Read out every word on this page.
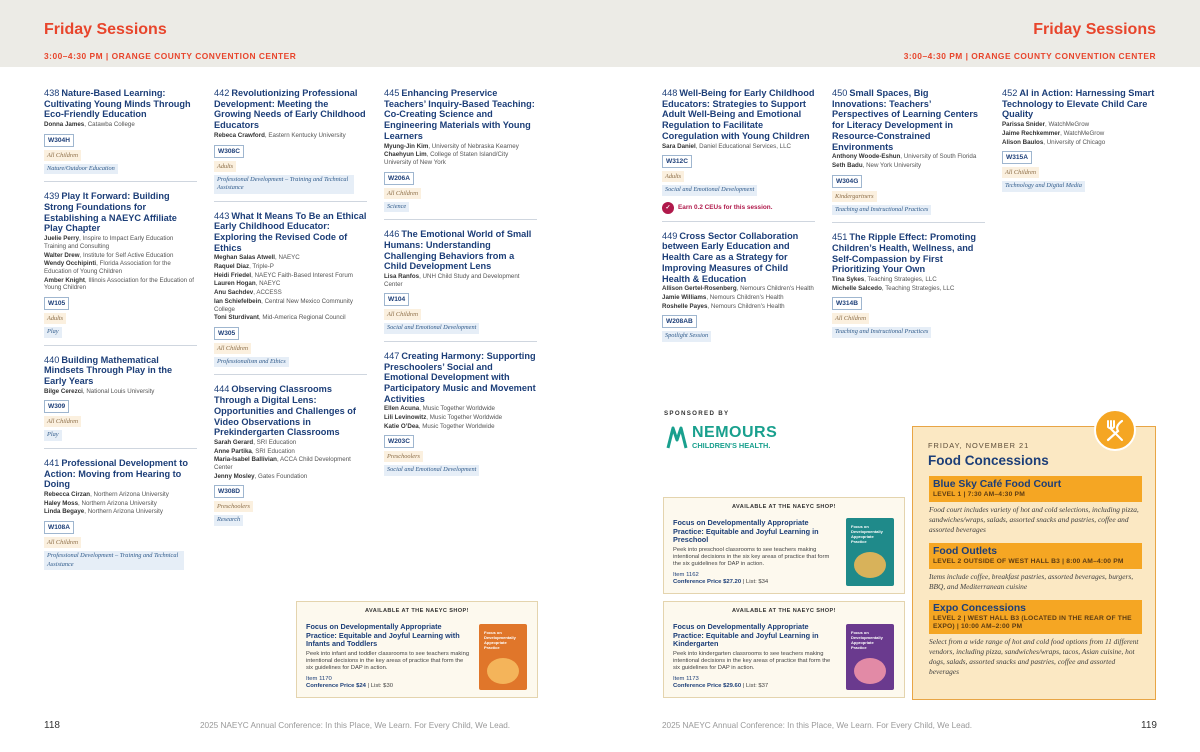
Friday Sessions
3:00–4:30 PM | ORANGE COUNTY CONVENTION CENTER
Friday Sessions
3:00–4:30 PM | ORANGE COUNTY CONVENTION CENTER
438 Nature-Based Learning: Cultivating Young Minds Through Eco-Friendly Education
Donna James, Catawba College
W304H
All Children
Nature/Outdoor Education
439 Play It Forward: Building Strong Foundations for Establishing a NAEYC Affiliate Play Chapter
Juelie Perry, Inspire to Impact Early Education Training and Consulting
Walter Drew, Institute for Self Active Education
Wendy Occhipinti, Florida Association for the Education of Young Children
Amber Knight, Illinois Association for the Education of Young Children
W105
Adults
Play
440 Building Mathematical Mindsets Through Play in the Early Years
Bilge Cerezci, National Louis University
W309
All Children
Play
441 Professional Development to Action: Moving from Hearing to Doing
Rebecca Cirzan, Northern Arizona University
Haley Moss, Northern Arizona University
Linda Begaye, Northern Arizona University
W108A
All Children
Professional Development – Training and Technical Assistance
442 Revolutionizing Professional Development: Meeting the Growing Needs of Early Childhood Educators
Rebeca Crawford, Eastern Kentucky University
W308C
Adults
Professional Development – Training and Technical Assistance
443 What It Means To Be an Ethical Early Childhood Educator: Exploring the Revised Code of Ethics
Meghan Salas Atwell, NAEYC
Raquel Diaz, Triple-P
Heidi Friedel, NAEYC Faith-Based Interest Forum
Lauren Hogan, NAEYC
Anu Sachdev, ACCESS
Ian Schiefelbein, Central New Mexico Community College
Toni Sturdivant, Mid-America Regional Council
W305
All Children
Professionalism and Ethics
444 Observing Classrooms Through a Digital Lens: Opportunities and Challenges of Video Observations in Prekindergarten Classrooms
Sarah Gerard, SRI Education
Anne Partika, SRI Education
Maria-Isabel Ballivian, ACCA Child Development Center
Jenny Mosley, Gates Foundation
W308D
Preschoolers
Research
445 Enhancing Preservice Teachers’ Inquiry-Based Teaching: Co-Creating Science and Engineering Materials with Young Learners
Myung-Jin Kim, University of Nebraska Kearney
Chaehyun Lim, College of Staten Island/City University of New York
W206A
All Children
Science
446 The Emotional World of Small Humans: Understanding Challenging Behaviors from a Child Development Lens
Lisa Ranfos, UNH Child Study and Development Center
W104
All Children
Social and Emotional Development
447 Creating Harmony: Supporting Preschoolers’ Social and Emotional Development with Participatory Music and Movement Activities
Ellen Acuna, Music Together Worldwide
Lili Levinowitz, Music Together Worldwide
Katie O’Dea, Music Together Worldwide
W203C
Preschoolers
Social and Emotional Development
448 Well-Being for Early Childhood Educators: Strategies to Support Adult Well-Being and Emotional Regulation to Facilitate Coregulation with Young Children
Sara Daniel, Daniel Educational Services, LLC
W312C
Adults
Social and Emotional Development
✓	Earn 0.2 CEUs for this session.
449 Cross Sector Collaboration between Early Education and Health Care as a Strategy for Improving Measures of Child Health & Education
Allison Gertel-Rosenberg, Nemours Children's Health
Jamie Williams, Nemours Children's Health
Roshelle Payes, Nemours Children's Health
W208AB
Spotlight Session
450 Small Spaces, Big Innovations: Teachers’ Perspectives of Learning Centers for Literacy Development in Resource-Constrained Environments
Anthony Woode-Eshun, University of South Florida
Seth Badu, New York University
W304G
Kindergartners
Teaching and Instructional Practices
451 The Ripple Effect: Promoting Children’s Health, Wellness, and Self-Compassion by First Prioritizing Your Own
Tina Sykes, Teaching Strategies, LLC
Michelle Salcedo, Teaching Strategies, LLC
W314B
All Children
Teaching and Instructional Practices
452 AI in Action: Harnessing Smart Technology to Elevate Child Care Quality
Parissa Snider, WatchMeGrow
Jaime Rechkemmer, WatchMeGrow
Alison Baulos, University of Chicago
W315A
All Children
Technology and Digital Media
SPONSORED BY
NEMOURS
CHILDREN'S HEALTH.
AVAILABLE AT THE NAEYC SHOP!
Focus on Developmentally Appropriate Practice: Equitable and Joyful Learning with Infants and Toddlers
Peek into infant and toddler classrooms to see teachers making intentional decisions in the key areas of practice that form the six guidelines for DAP in action.
Item 1170
Conference Price $24 | List: $30
Focus on Developmentally Appropriate Practice
AVAILABLE AT THE NAEYC SHOP!
Focus on Developmentally Appropriate Practice: Equitable and Joyful Learning in Preschool
Peek into preschool classrooms to see teachers making intentional decisions in the six key areas of practice that form the six guidelines for DAP in action.
Item 1162
Conference Price $27.20 | List: $34
Focus on Developmentally Appropriate Practice
AVAILABLE AT THE NAEYC SHOP!
Focus on Developmentally Appropriate Practice: Equitable and Joyful Learning in Kindergarten
Peek into kindergarten classrooms to see teachers making intentional decisions in the key areas of practice that form the six guidelines for DAP in action.
Item 1173
Conference Price $29.60 | List: $37
Focus on Developmentally Appropriate Practice
FRIDAY, NOVEMBER 21
Food Concessions
Blue Sky Café Food Court
LEVEL 1 | 7:30 AM–4:30 PM
Food court includes variety of hot and cold selections, including pizza, sandwiches/wraps, salads, assorted snacks and pastries, coffee and assorted beverages
Food Outlets
LEVEL 2 OUTSIDE OF WEST HALL B3 | 8:00 AM–4:00 PM
Items include coffee, breakfast pastries, assorted beverages, burgers, BBQ, and Mediterranean cuisine
Expo Concessions
LEVEL 2 | WEST HALL B3 (LOCATED IN THE REAR OF THE EXPO) | 10:00 AM–2:00 PM
Select from a wide range of hot and cold food options from 11 different vendors, including pizza, sandwiches/wraps, tacos, Asian cuisine, hot dogs, salads, assorted snacks and pastries, coffee and assorted beverages
118	2025 NAEYC Annual Conference: In this Place, We Learn. For Every Child, We Lead.	2025 NAEYC Annual Conference: In this Place, We Learn. For Every Child, We Lead.	119
